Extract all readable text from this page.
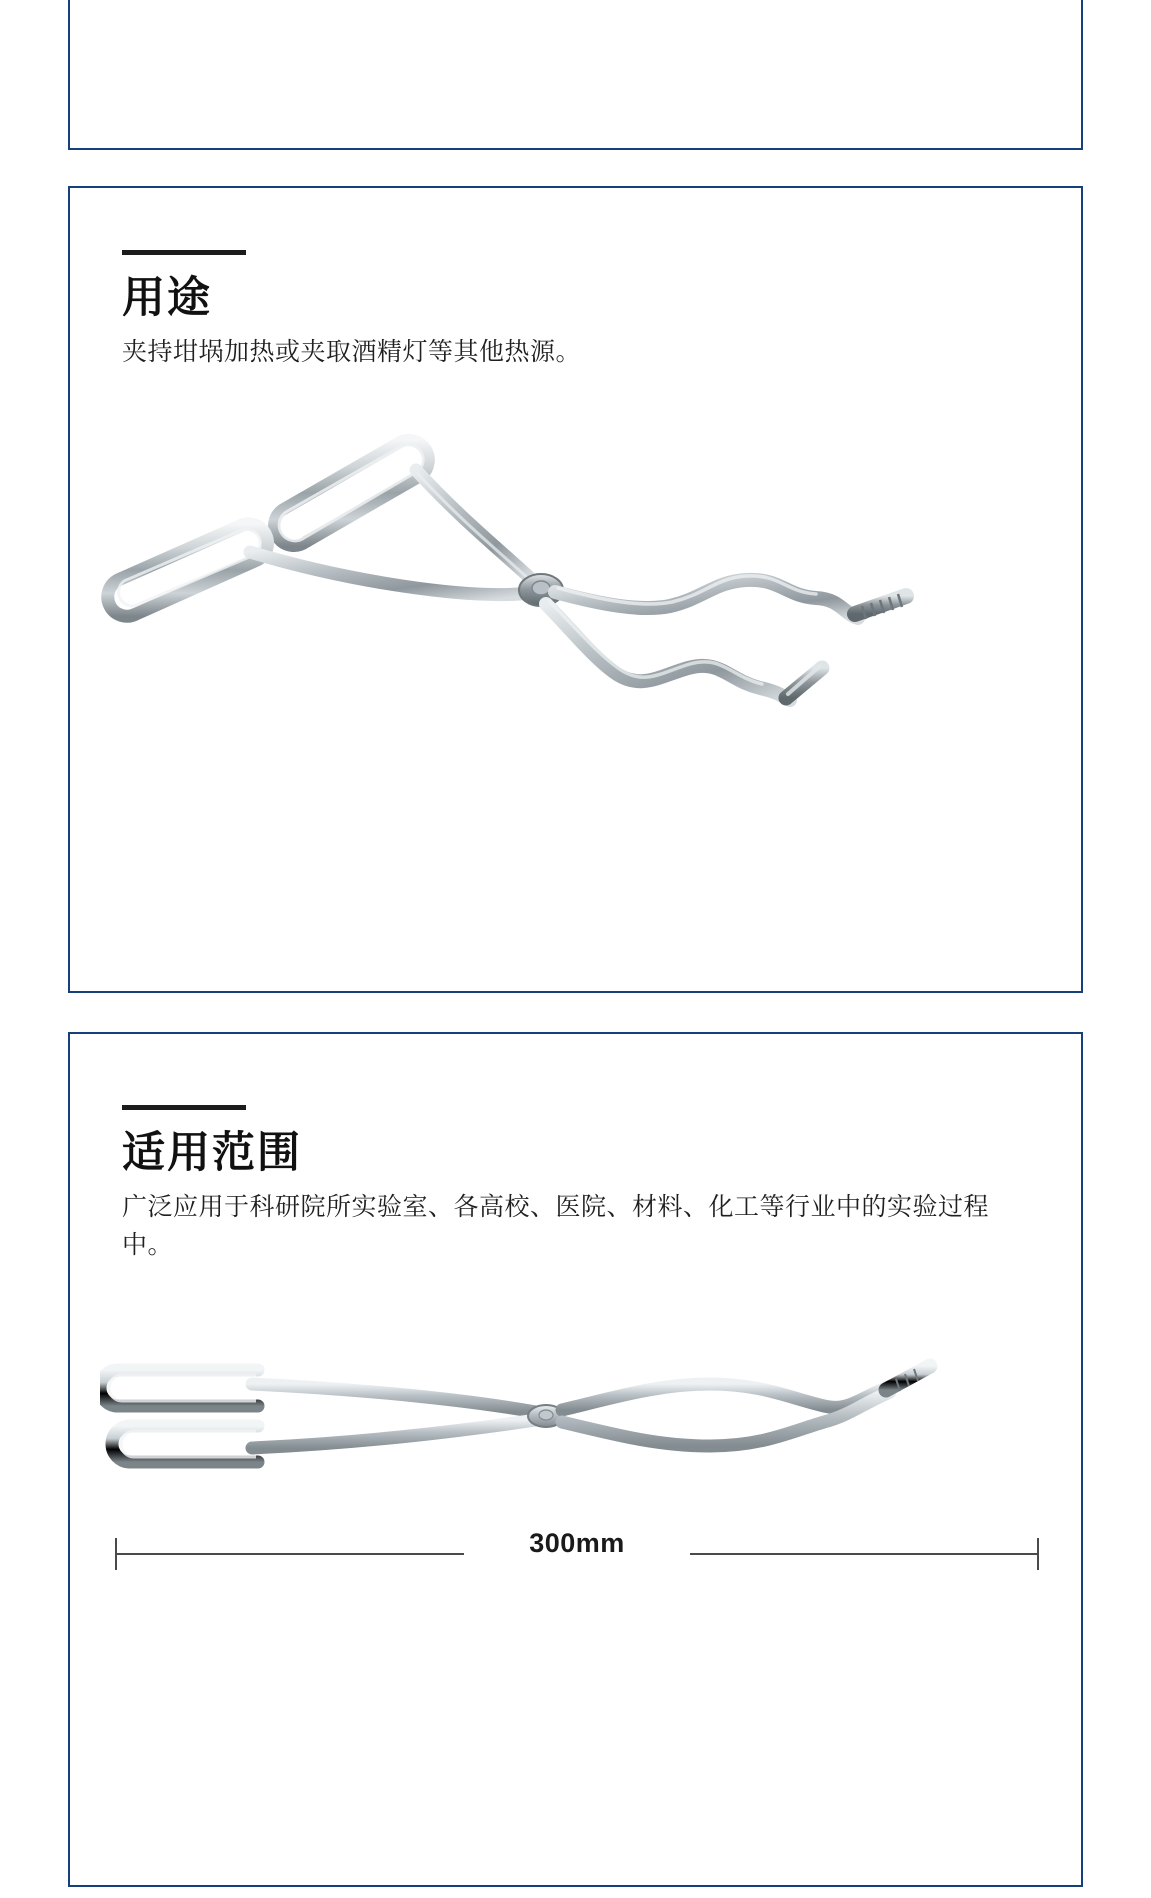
用途

夹持坩埚加热或夹取酒精灯等其他热源。

适用范围

广泛应用于科研院所实验室、各高校、医院、材料、化工等行业中的实验过程中。

300mm
